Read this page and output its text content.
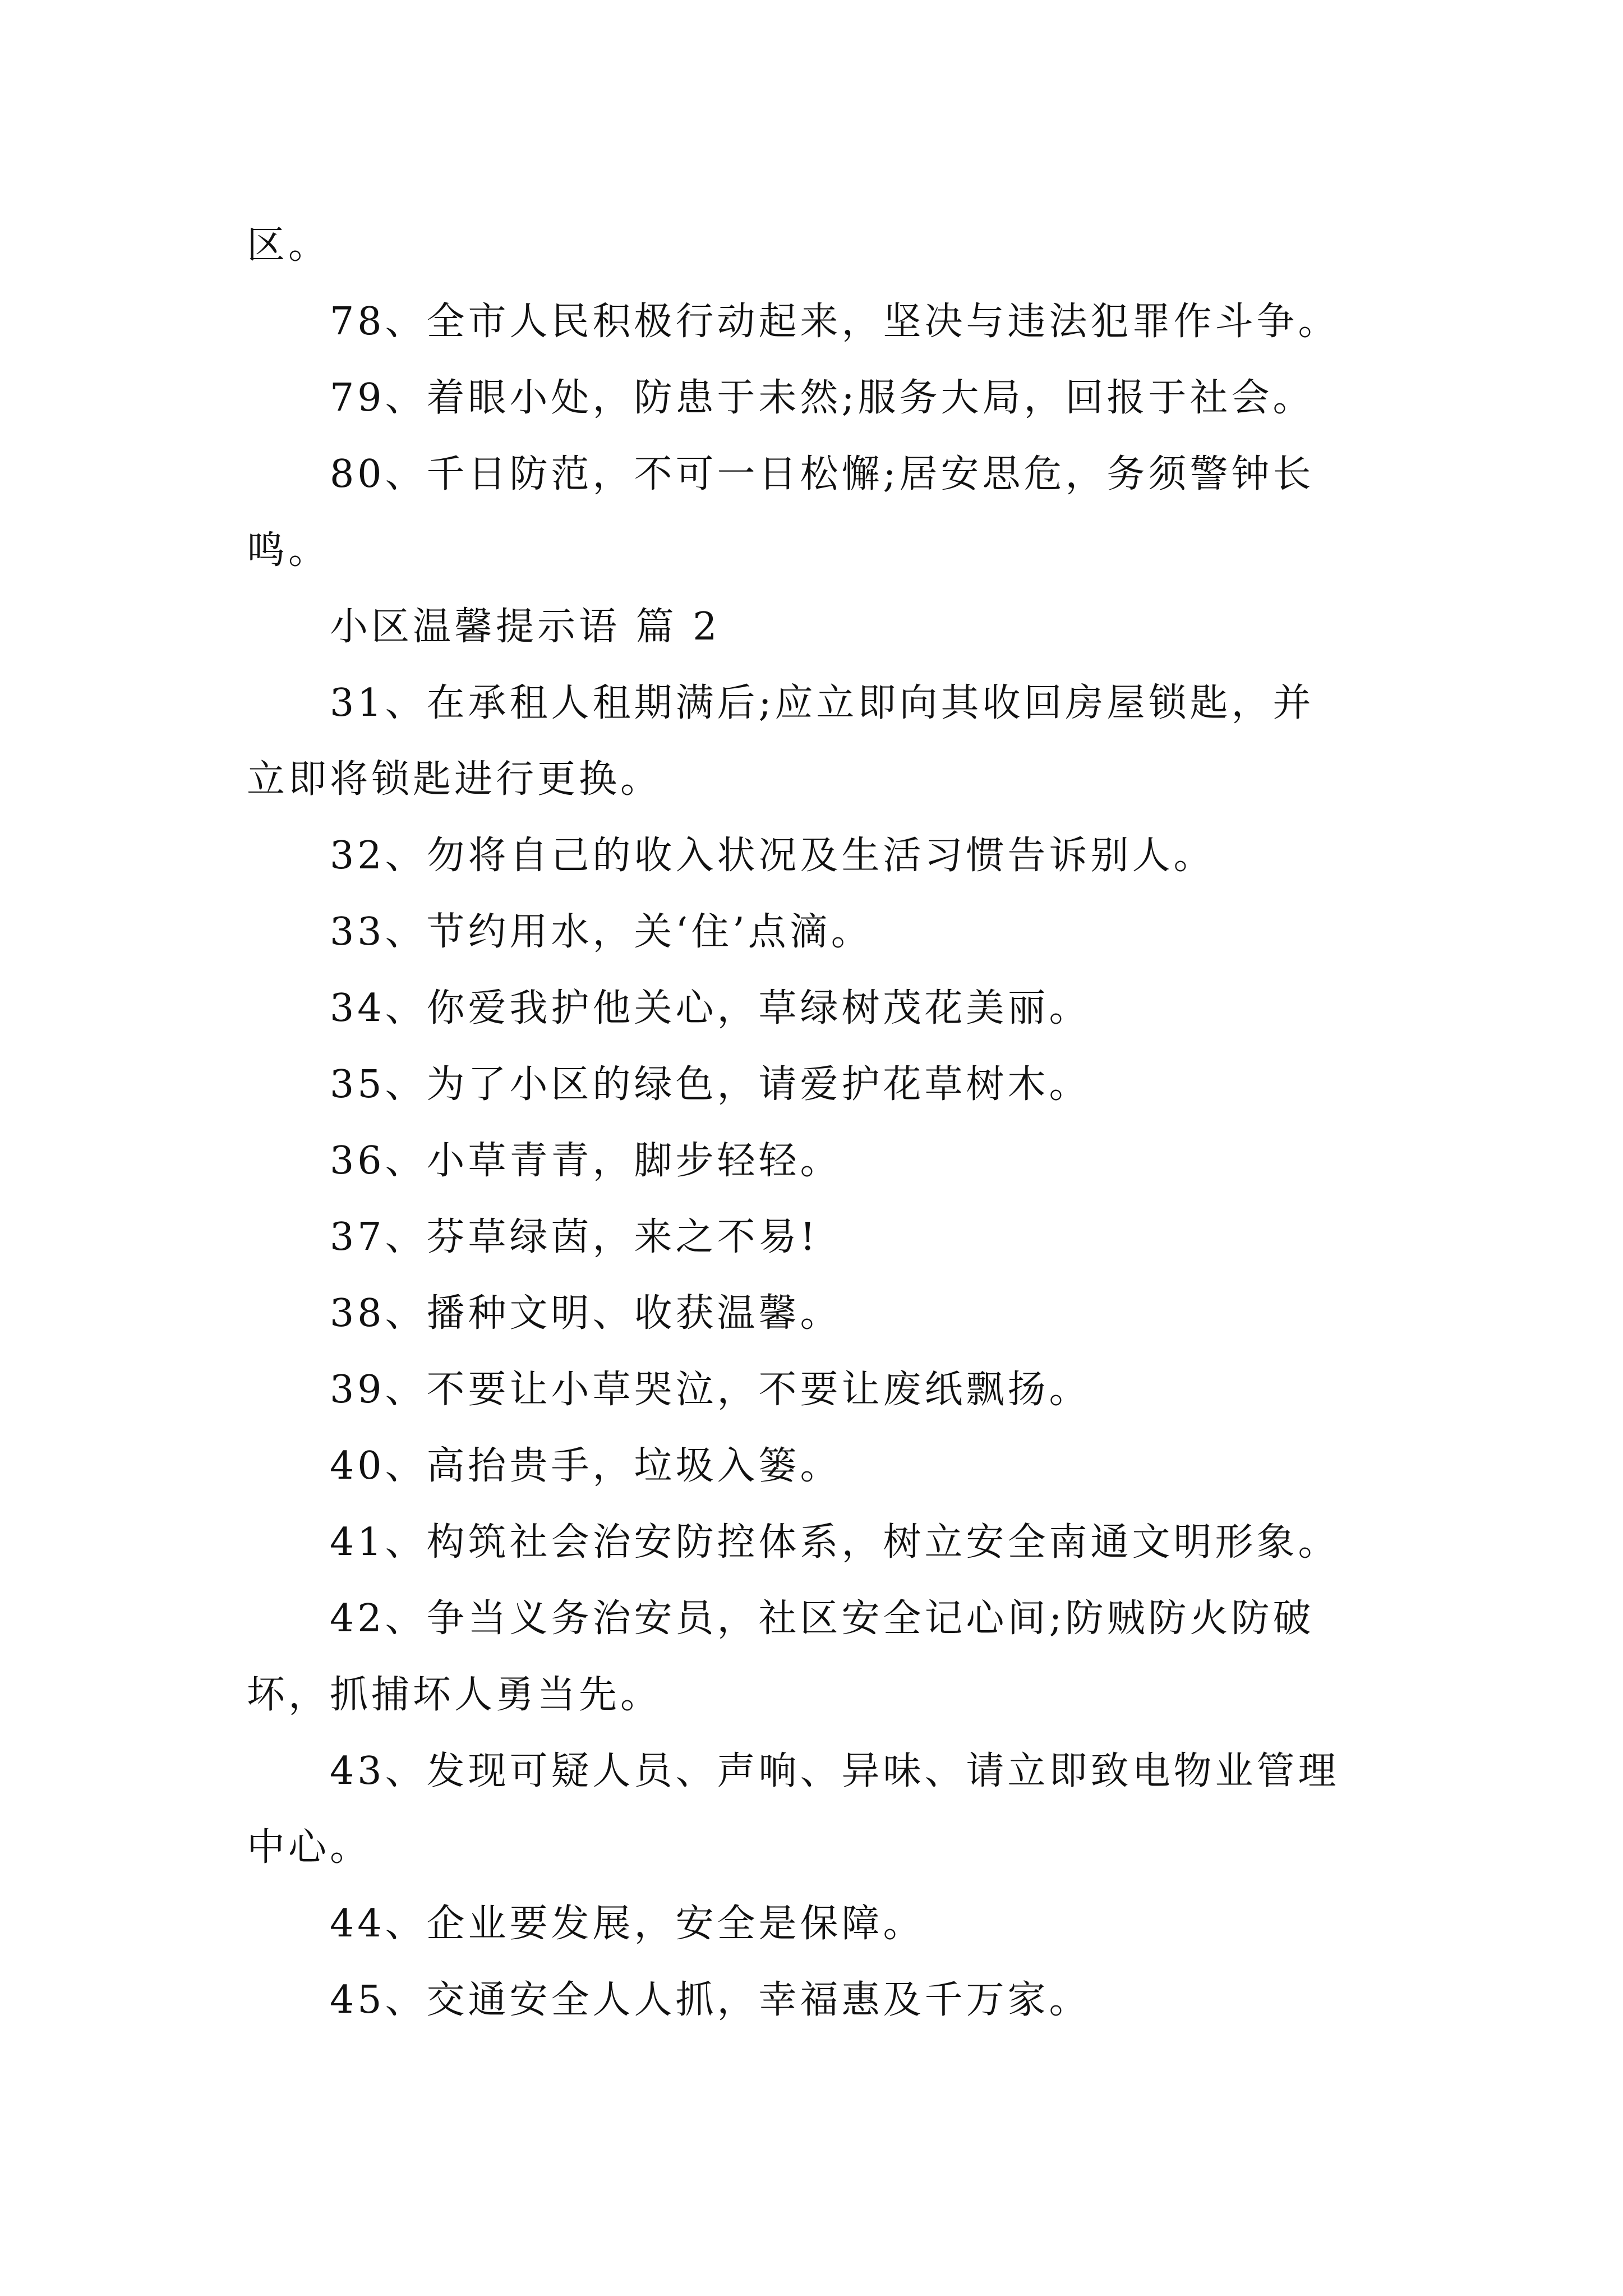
区。
78、全市人民积极行动起来，坚决与违法犯罪作斗争。
79、着眼小处，防患于未然;服务大局，回报于社会。
80、千日防范，不可一日松懈;居安思危，务须警钟长
鸣。
小区温馨提示语 篇 2
31、在承租人租期满后;应立即向其收回房屋锁匙，并
立即将锁匙进行更换。
32、勿将自己的收入状况及生活习惯告诉别人。
33、节约用水，关‘住’点滴。
34、你爱我护他关心，草绿树茂花美丽。
35、为了小区的绿色，请爱护花草树木。
36、小草青青，脚步轻轻。
37、芬草绿茵，来之不易!
38、播种文明、收获温馨。
39、不要让小草哭泣，不要让废纸飘扬。
40、高抬贵手，垃圾入篓。
41、构筑社会治安防控体系，树立安全南通文明形象。
42、争当义务治安员，社区安全记心间;防贼防火防破
坏，抓捕坏人勇当先。
43、发现可疑人员、声响、异味、请立即致电物业管理
中心。
44、企业要发展，安全是保障。
45、交通安全人人抓，幸福惠及千万家。
